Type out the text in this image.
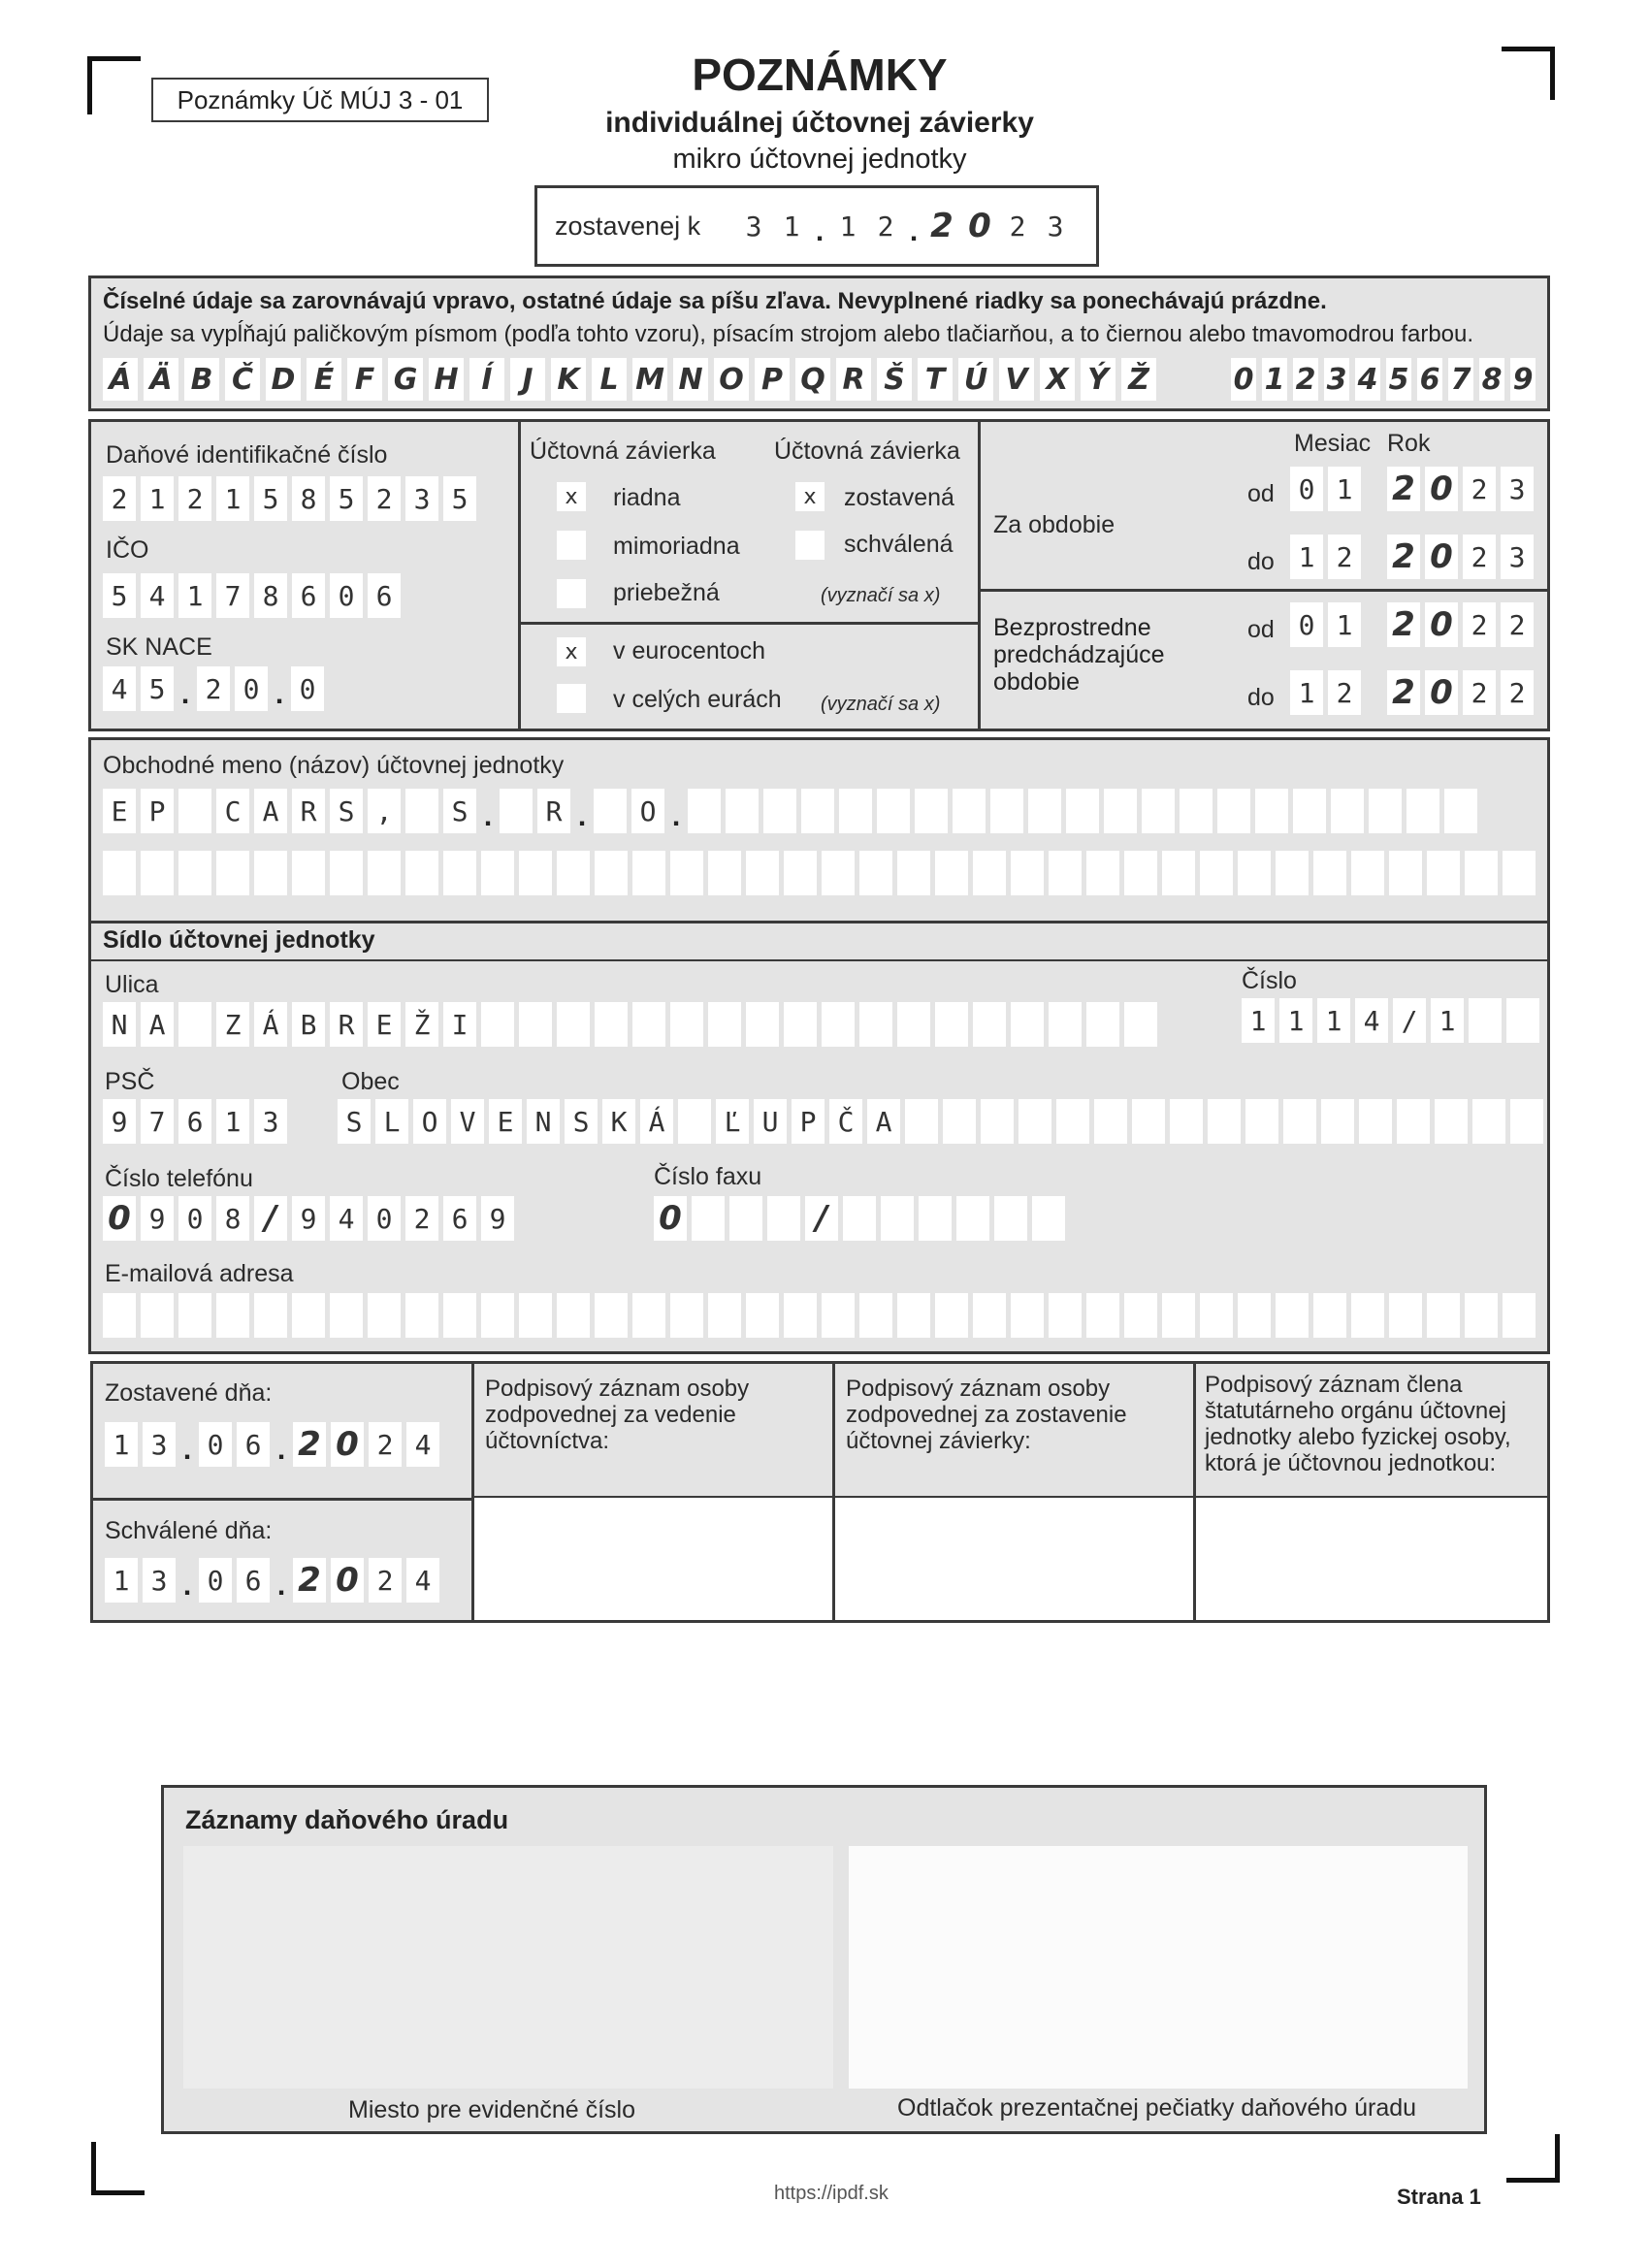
Poznámky Úč MÚJ 3 - 01	POZNÁMKY
individuálnej účtovnej závierky
mikro účtovnej jednotky
zostavenej k	3 1 . 1 2 . 2 0 2 3
Číselné údaje sa zarovnávajú vpravo, ostatné údaje sa píšu zľava. Nevyplnené riadky sa ponechávajú prázdne.
Údaje sa vypĺňajú paličkovým písmom (podľa tohto vzoru), písacím strojom alebo tlačiarňou, a to čiernou alebo tmavomodrou farbou.
Á Ä B Č D É F G H Í	J K L M N O P Q R Š T Ú V X Ý Ž	0 1 2 3 4 5 6 7 8 9
Daňové identifikačné číslo
2 1 2 1 5 8 5 2 3 5
IČO
5 4 1 7 8 6 0 6
SK NACE
4 5 . 2 0 . 0
Účtovná závierka Účtovná závierka
x	riadna	x	zostavená
mimoriadna	schválená
priebežná	(vyznačí sa x)
x	v eurocentoch
v celých eurách (vyznačí sa x)
Mesiac Rok
Za obdobie
od 0 1 2 0 2 3
do 1 2 2 0 2 3
Bezprostredne predchádzajúce obdobie
od 0 1 2 0 2 2
do 1 2 2 0 2 2
Obchodné meno (názov) účtovnej jednotky
E P	C A R S ,	S .	R .	O .
Sídlo účtovnej jednotky
Ulica
N A	Z Á B R E Ž I
Číslo
1 1 1 4 / 1
PSČ
9 7 6 1 3
Obec
S L O V E N S K Á	Ľ U P Č A
Číslo telefónu
0 9 0 8 / 9 4 0 2 6 9
Číslo faxu
0	/
E-mailová adresa
Zostavené dňa:
1 3 . 0 6 . 2 0 2 4
Schválené dňa:
1 3 . 0 6 . 2 0 2 4
Podpisový záznam osoby zodpovednej za vedenie účtovníctva:
Podpisový záznam osoby zodpovednej za zostavenie účtovnej závierky:
Podpisový záznam člena štatutárneho orgánu účtovnej jednotky alebo fyzickej osoby, ktorá je účtovnou jednotkou:
Záznamy daňového úradu
Miesto pre evidenčné číslo	Odtlačok prezentačnej pečiatky daňového úradu
https://ipdf.sk	Strana 1
